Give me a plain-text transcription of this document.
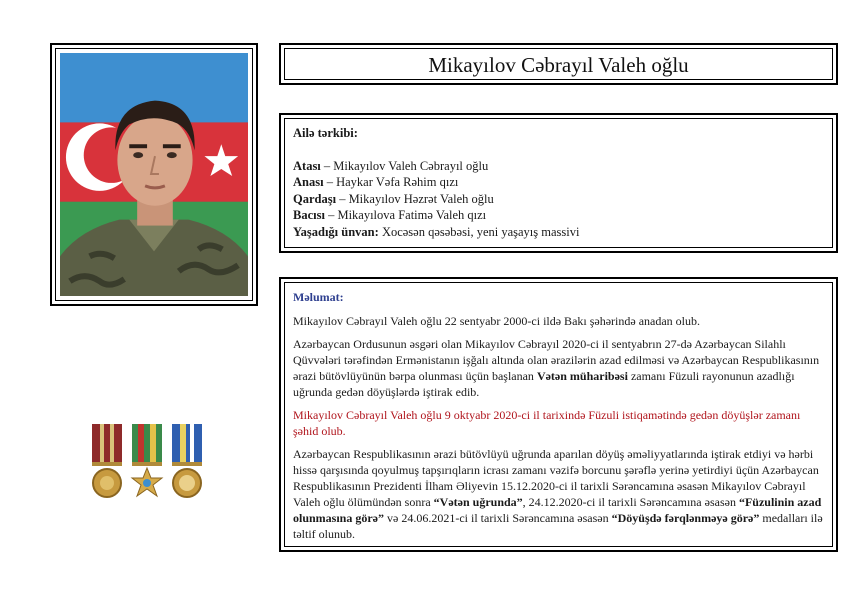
Mikayılov Cəbrayıl Valeh oğlu
Ailə tərkibi:
Atası – Mikayılov Valeh Cəbrayıl oğlu
Anası – Haykar Vəfa Rəhim qızı
Qardaşı – Mikayılov Həzrət Valeh oğlu
Bacısı – Mikayılova Fatimə Valeh qızı
Yaşadığı ünvan: Xocəsən qəsəbəsi, yeni yaşayış massivi

Məlumat:

Mikayılov Cəbrayıl Valeh oğlu 22 sentyabr 2000-ci ildə Bakı şəhərində anadan olub.

Azərbaycan Ordusunun əsgəri olan Mikayılov Cəbrayıl 2020-ci il sentyabrın 27-də Azərbaycan Silahlı Qüvvələri tərəfindən Ermənistanın işğalı altında olan ərazilərin azad edilməsi və Azərbaycan Respublikasının ərazi bütövlüyünün bərpa olunması üçün başlanan Vətən müharibəsi zamanı Füzuli rayonunun azadlığı uğrunda gedən döyüşlərdə iştirak edib.

Mikayılov Cəbrayıl Valeh oğlu 9 oktyabr 2020-ci il tarixində Füzuli istiqamətində gedən döyüşlər zamanı şəhid olub.

Azərbaycan Respublikasının ərazi bütövlüyü uğrunda aparılan döyüş əməliyyatlarında iştirak etdiyi və hərbi hissə qarşısında qoyulmuş tapşırıqların icrası zamanı vəzifə borcunu şərəflə yerinə yetirdiyi üçün Azərbaycan Respublikasının Prezidenti İlham Əliyevin 15.12.2020-ci il tarixli Sərəncamına əsasən Mikayılov Cəbrayıl Valeh oğlu ölümündən sonra “Vətən uğrunda”, 24.12.2020-ci il tarixli Sərəncamına əsasən “Füzulinin azad olunmasına görə” və 24.06.2021-ci il tarixli Sərəncamına əsasən “Döyüşdə fərqlənməyə görə” medalları ilə təltif olunub.
